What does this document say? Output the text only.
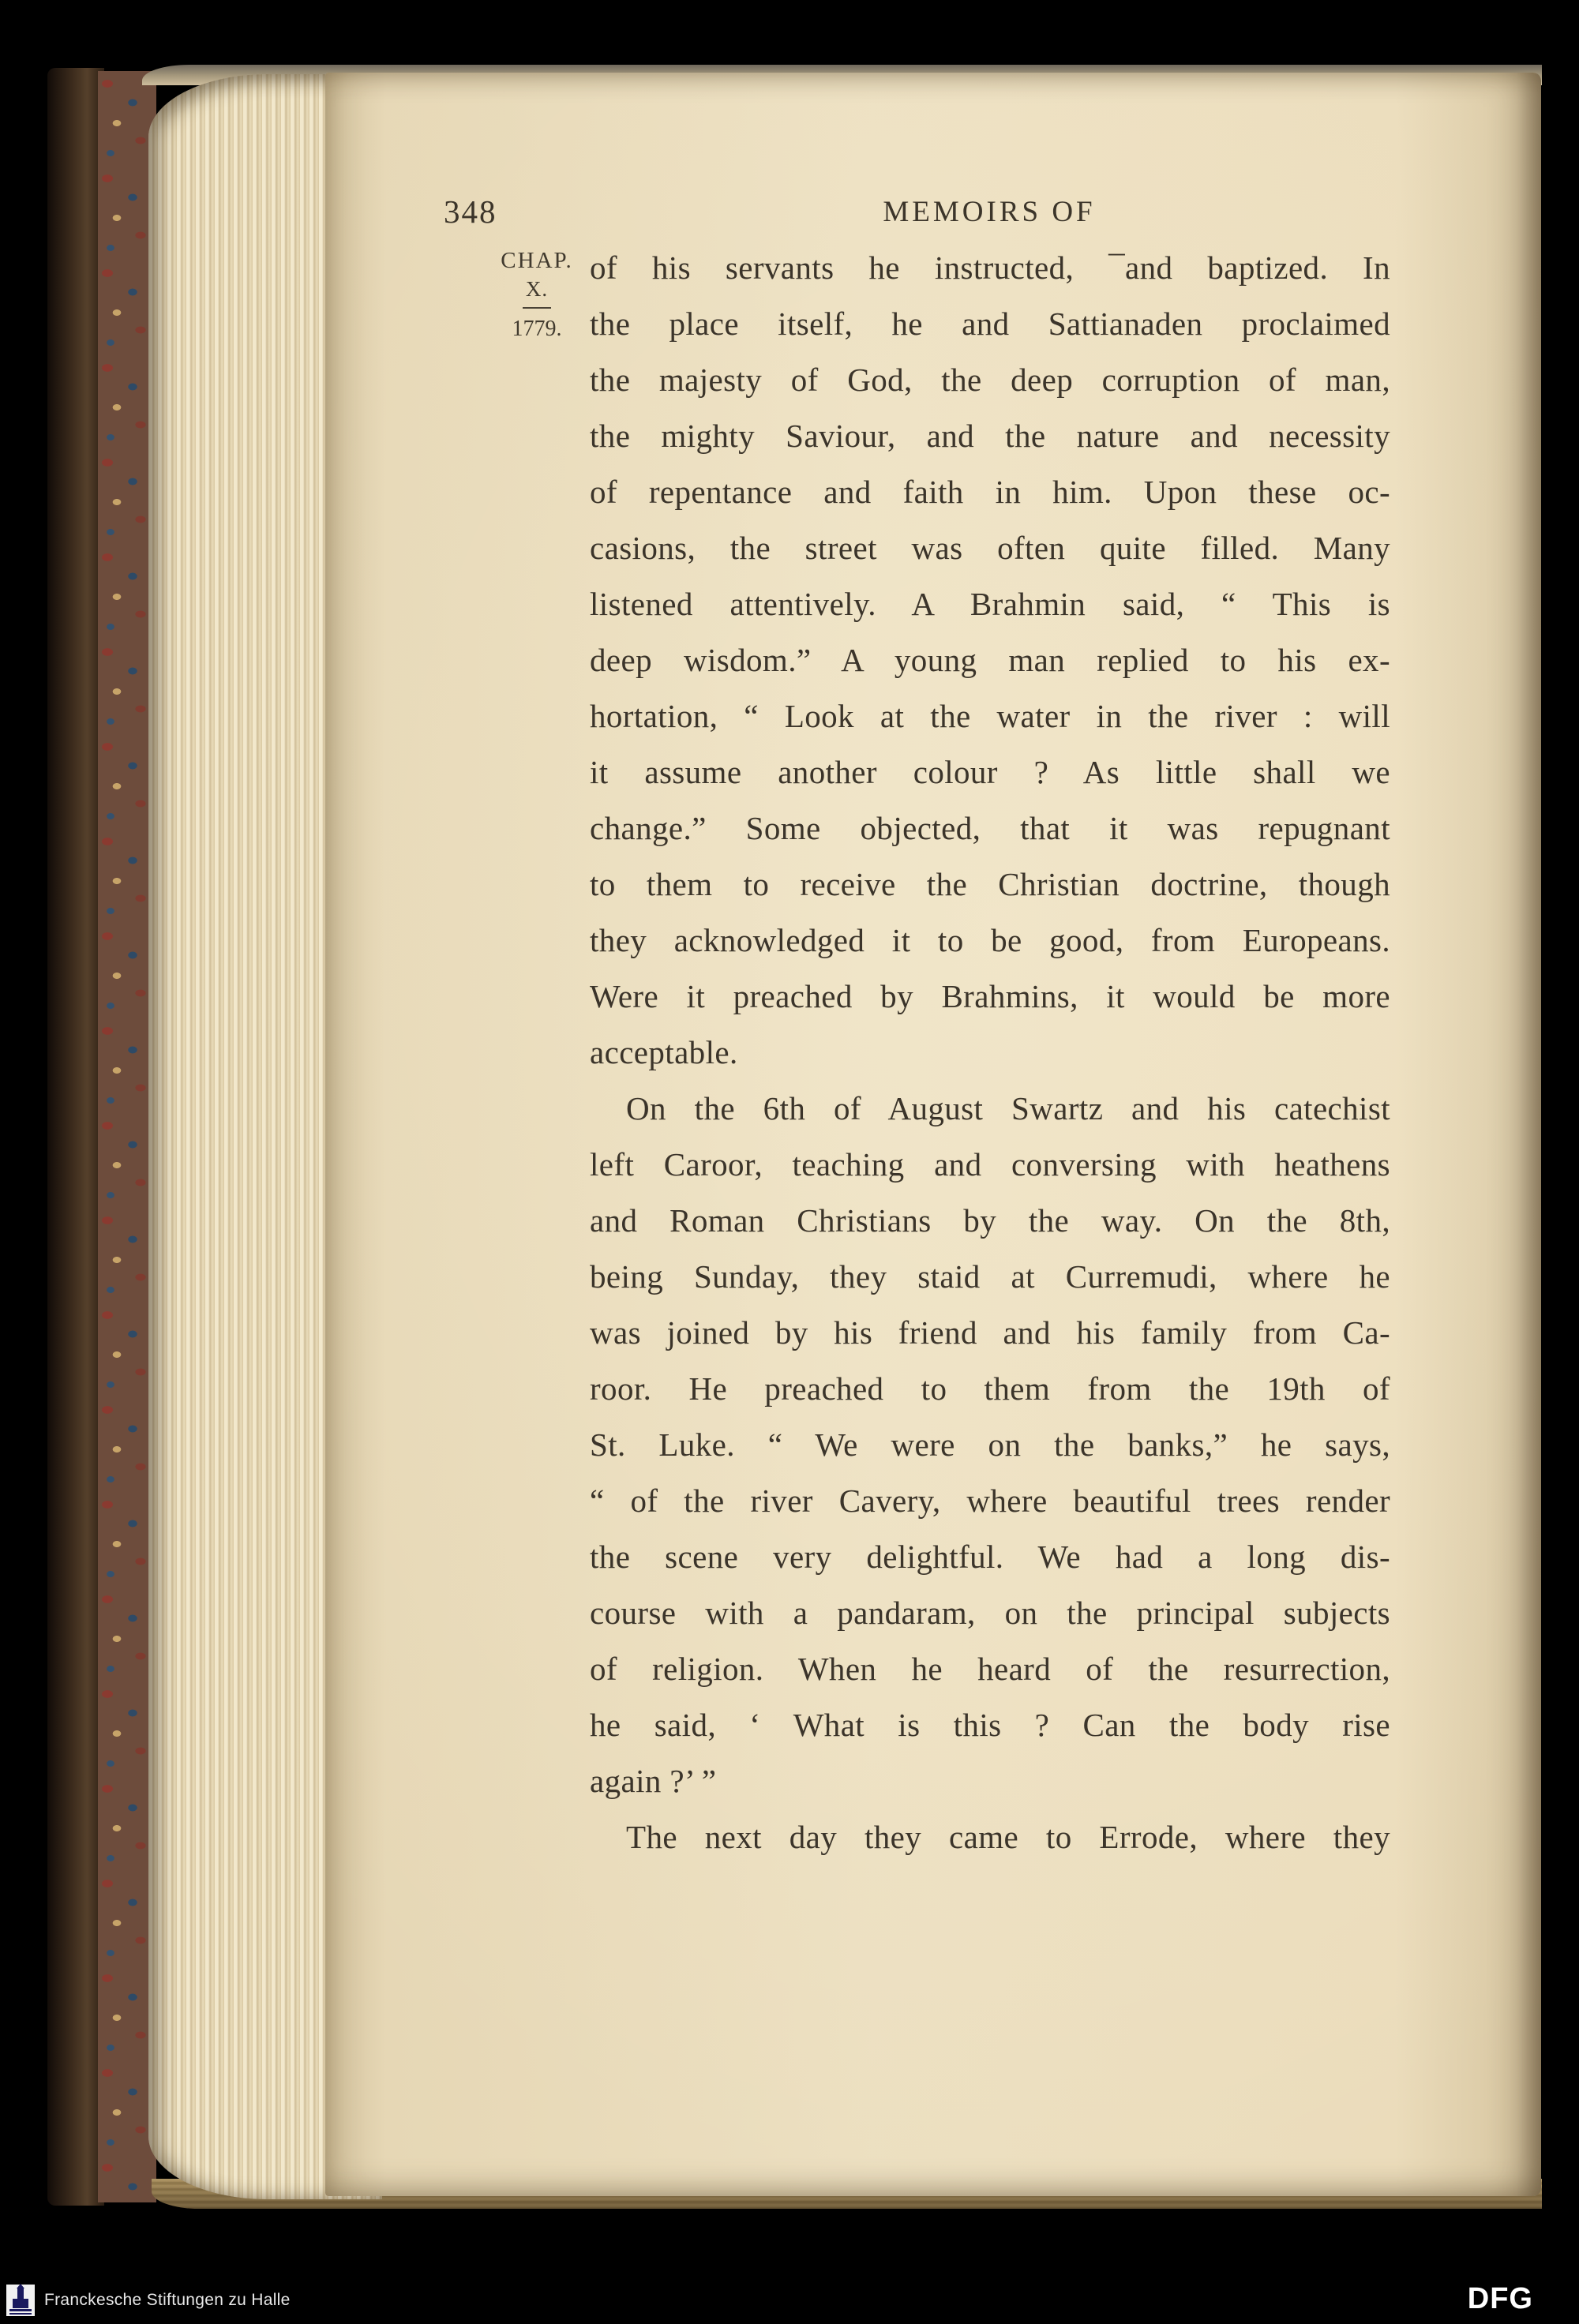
348	MEMOIRS OF
CHAP.
X.
1779.
of his servants he instructed, ¯and baptized. In
the place itself, he and Sattianaden proclaimed
the majesty of God, the deep corruption of man,
the mighty Saviour, and the nature and necessity
of repentance and faith in him. Upon these oc-
casions, the street was often quite filled. Many
listened attentively. A Brahmin said, “ This is
deep wisdom.” A young man replied to his ex-
hortation, “ Look at the water in the river : will
it assume another colour ? As little shall we
change.” Some objected, that it was repugnant
to them to receive the Christian doctrine, though
they acknowledged it to be good, from Europeans.
Were it preached by Brahmins, it would be more
acceptable.
On the 6th of August Swartz and his catechist
left Caroor, teaching and conversing with heathens
and Roman Christians by the way. On the 8th,
being Sunday, they staid at Curremudi, where he
was joined by his friend and his family from Ca-
roor. He preached to them from the 19th of
St. Luke. “ We were on the banks,” he says,
“ of the river Cavery, where beautiful trees render
the scene very delightful. We had a long dis-
course with a pandaram, on the principal subjects
of religion. When he heard of the resurrection,
he said, ‘ What is this ? Can the body rise
again ?’ ”
The next day they came to Errode, where they
Franckesche Stiftungen zu Halle	DFG
